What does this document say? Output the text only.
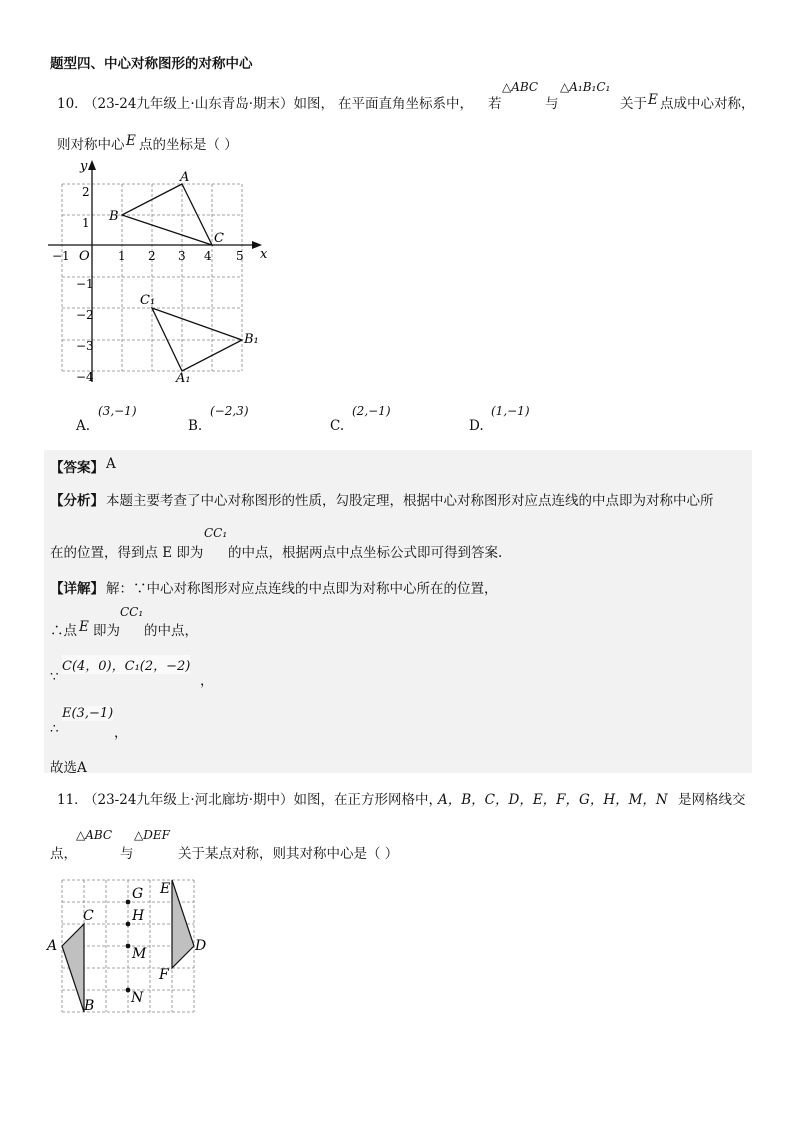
题型四、中心对称图形的对称中心
10．
（23-24九年级上·山东青岛·期末）如图， 在平面直角坐标系中， 若
△ABC
与
△A₁B₁C₁
关于 E 点成中心对称，
则对称中心 E 点的坐标是（ ）
x
y
O
−1	1 2 3 4 5
2
1
−1
−2
−3
−4
A
B
C
A₁
B₁
C₁
A.
(3,−1)
B.
(−2,3)
C.
(2,−1)
D.
(1,−1)
【答案】 A
【分析】 本题主要考查了中心对称图形的性质，勾股定理，根据中心对称图形对应点连线的中点即为对称中心所
在的位置，得到点 E 即为
CC₁
的中点，根据两点中点坐标公式即可得到答案.
【详解】 解：∵中心对称图形对应点连线的中点即为对称中心所在的位置，
∴点 E 即为
CC₁
的中点，
∵
C(4，0)，C₁(2，−2)
，
∴
E(3,−1)
，
故选A
11．
（23-24九年级上·河北廊坊·期中）如图，在正方形网格中，
A，B，C，D，E，F，G，H，M，N 是网格线交
点，
△ABC
与
△DEF
关于某点对称，则其对称中心是（ ）
A
B
C
D
E
F
G
H
M
N
